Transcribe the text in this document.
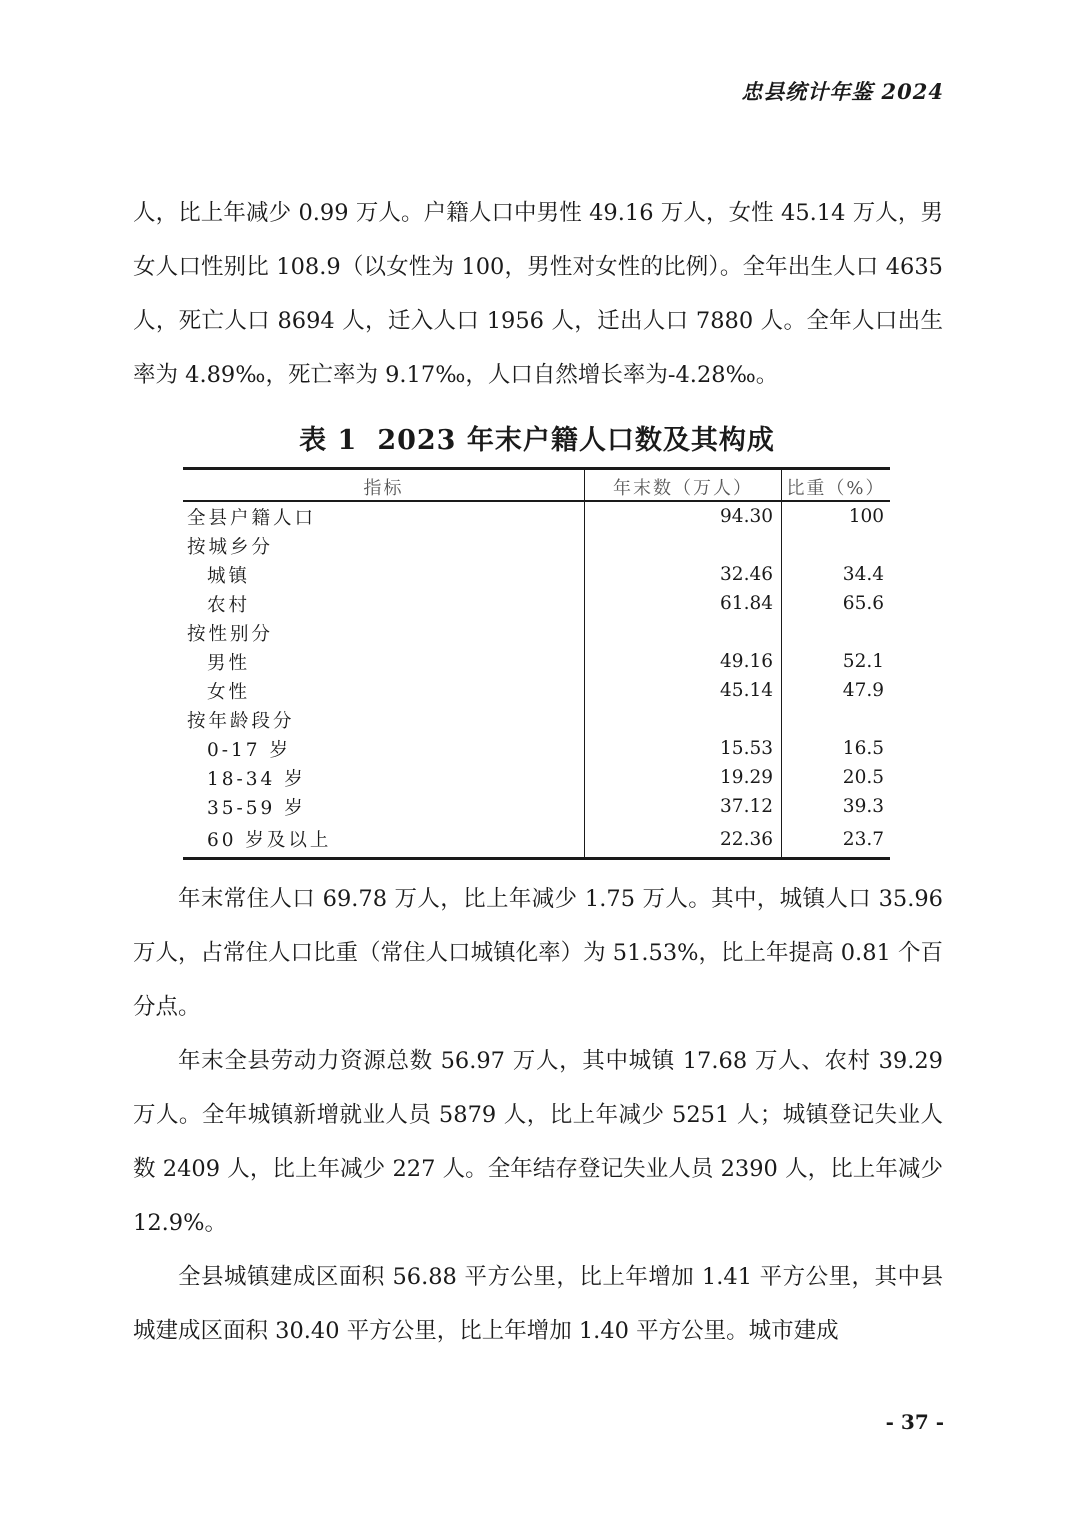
忠县统计年鉴 2024

人，比上年减少 0.99 万人。户籍人口中男性 49.16 万人，女性 45.14 万人，男女人口性别比 108.9（以女性为 100，男性对女性的比例）。全年出生人口 4635 人，死亡人口 8694 人，迁入人口 1956 人，迁出人口 7880 人。全年人口出生率为 4.89‰，死亡率为 9.17‰，人口自然增长率为-4.28‰。

表 1 2023 年末户籍人口数及其构成
指标	年末数（万人）	比重（%）
全县户籍人口	94.30	100
按城乡分		
城镇	32.46	34.4
农村	61.84	65.6
按性别分		
男性	49.16	52.1
女性	45.14	47.9
按年龄段分		
0-17 岁	15.53	16.5
18-34 岁	19.29	20.5
35-59 岁	37.12	39.3
60 岁及以上	22.36	23.7

年末常住人口 69.78 万人，比上年减少 1.75 万人。其中，城镇人口 35.96 万人，占常住人口比重（常住人口城镇化率）为 51.53%，比上年提高 0.81 个百分点。

年末全县劳动力资源总数 56.97 万人，其中城镇 17.68 万人、农村 39.29 万人。全年城镇新增就业人员 5879 人，比上年减少 5251 人；城镇登记失业人数 2409 人，比上年减少 227 人。全年结存登记失业人员 2390 人，比上年减少 12.9%。

全县城镇建成区面积 56.88 平方公里，比上年增加 1.41 平方公里，其中县城建成区面积 30.40 平方公里，比上年增加 1.40 平方公里。城市建成

- 37 -
